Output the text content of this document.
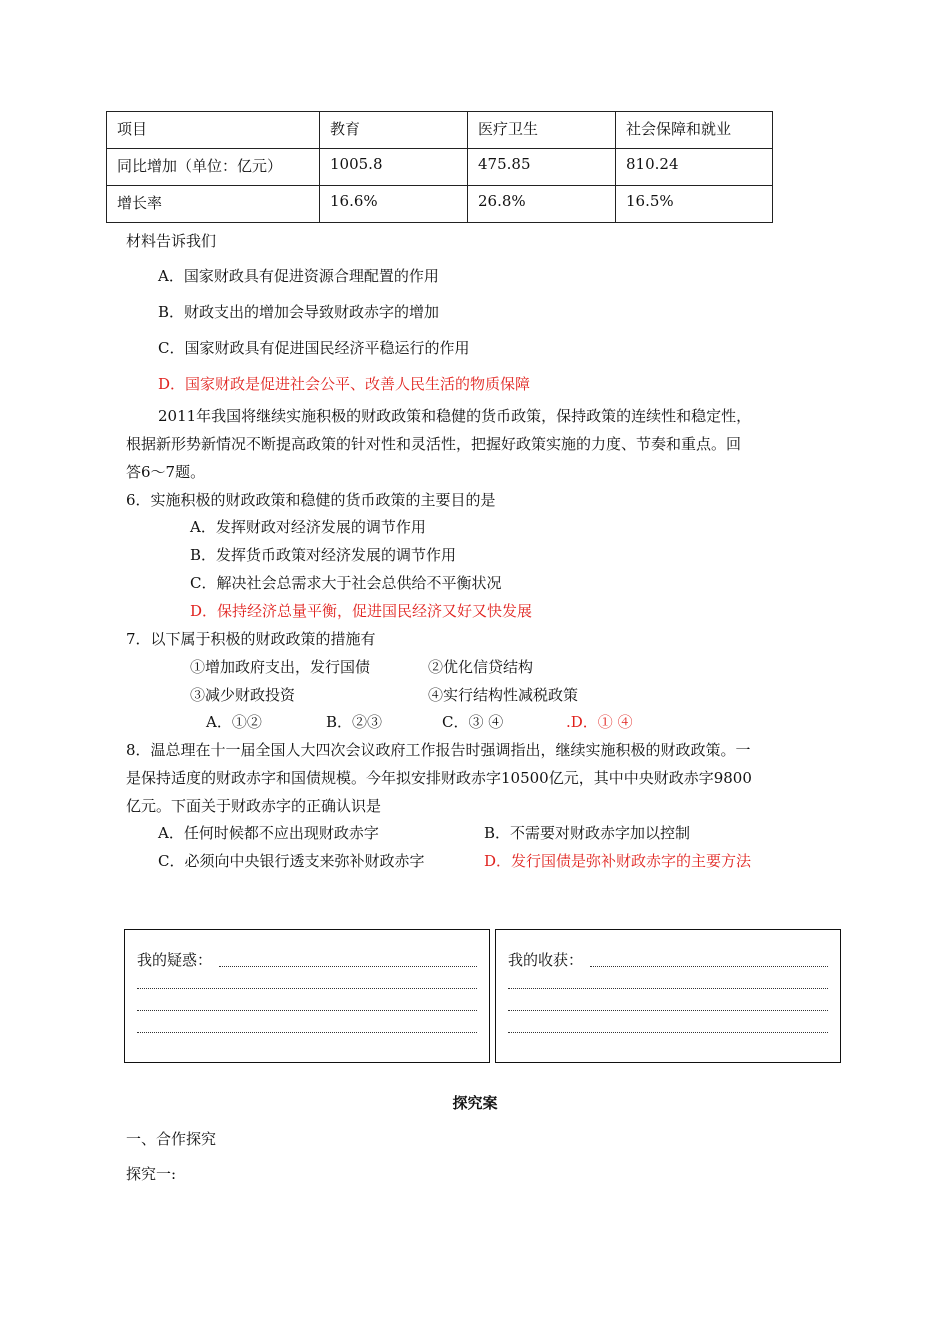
项目	教育	医疗卫生	社会保障和就业
同比增加（单位：亿元）	1005.8	475.85	810.24
增长率	16.6%	26.8%	16.5%
材料告诉我们
A．国家财政具有促进资源合理配置的作用
B．财政支出的增加会导致财政赤字的增加
C．国家财政具有促进国民经济平稳运行的作用
D．国家财政是促进社会公平、改善人民生活的物质保障
2011年我国将继续实施积极的财政政策和稳健的货币政策，保持政策的连续性和稳定性，
根据新形势新情况不断提高政策的针对性和灵活性，把握好政策实施的力度、节奏和重点。回
答6～7题。
6．实施积极的财政政策和稳健的货币政策的主要目的是
A．发挥财政对经济发展的调节作用
B．发挥货币政策对经济发展的调节作用
C．解决社会总需求大于社会总供给不平衡状况
D．保持经济总量平衡，促进国民经济又好又快发展
7．以下属于积极的财政政策的措施有
①增加政府支出，发行国债	②优化信贷结构
③减少财政投资	④实行结构性减税政策
A．①②	B．②③	C．③ ④	.D．① ④
8．温总理在十一届全国人大四次会议政府工作报告时强调指出，继续实施积极的财政政策。一
是保持适度的财政赤字和国债规模。今年拟安排财政赤字10500亿元，其中中央财政赤字9800
亿元。下面关于财政赤字的正确认识是
A．任何时候都不应出现财政赤字	B．不需要对财政赤字加以控制
C．必须向中央银行透支来弥补财政赤字	D．发行国债是弥补财政赤字的主要方法
我的疑惑：	我的收获：
探究案
一、合作探究
探究一:
